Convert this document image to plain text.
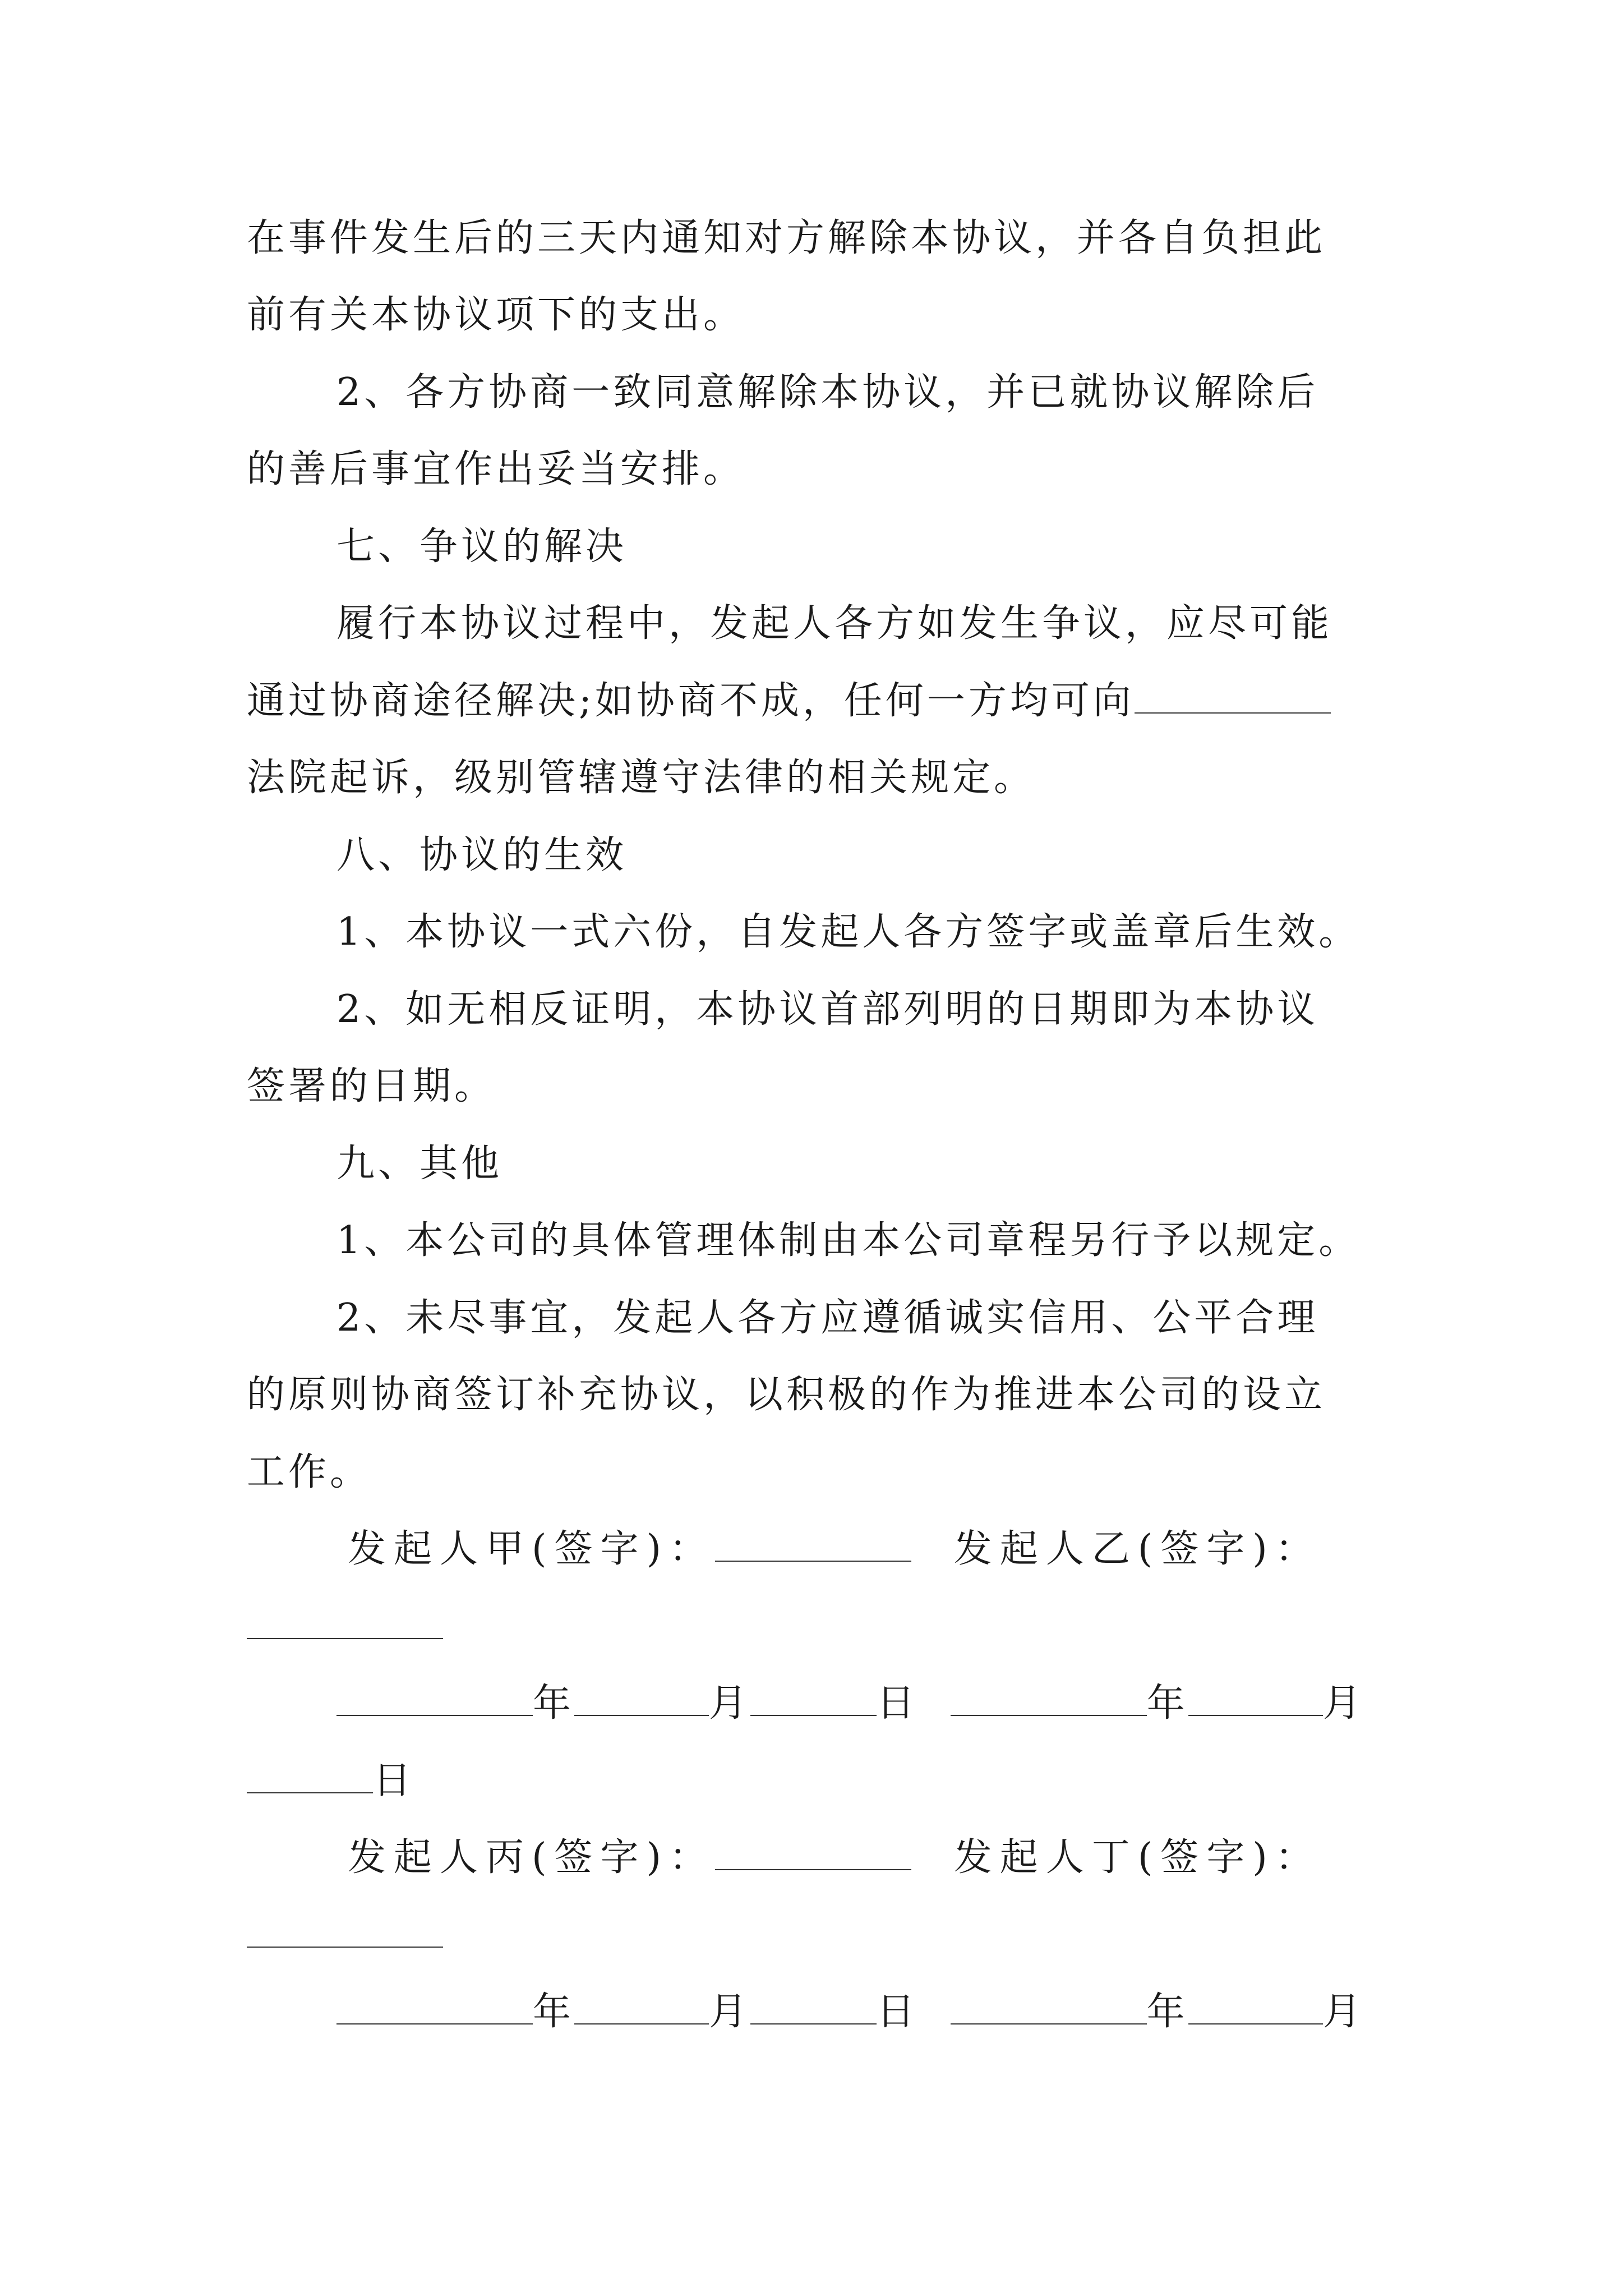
在事件发生后的三天内通知对方解除本协议，并各自负担此
前有关本协议项下的支出。
2、各方协商一致同意解除本协议，并已就协议解除后
的善后事宜作出妥当安排。
七、争议的解决
履行本协议过程中，发起人各方如发生争议，应尽可能
通过协商途径解决;如协商不成，任何一方均可向
法院起诉，级别管辖遵守法律的相关规定。
八、协议的生效
1、本协议一式六份，自发起人各方签字或盖章后生效。
2、如无相反证明，本协议首部列明的日期即为本协议
签署的日期。
九、其他
1、本公司的具体管理体制由本公司章程另行予以规定。
2、未尽事宜，发起人各方应遵循诚实信用、公平合理
的原则协商签订补充协议，以积极的作为推进本公司的设立
工作。
发起人甲(签字)：	发起人乙(签字)：
年	月	日	年	月
日
发起人丙(签字)：	发起人丁(签字)：
年	月	日	年	月
